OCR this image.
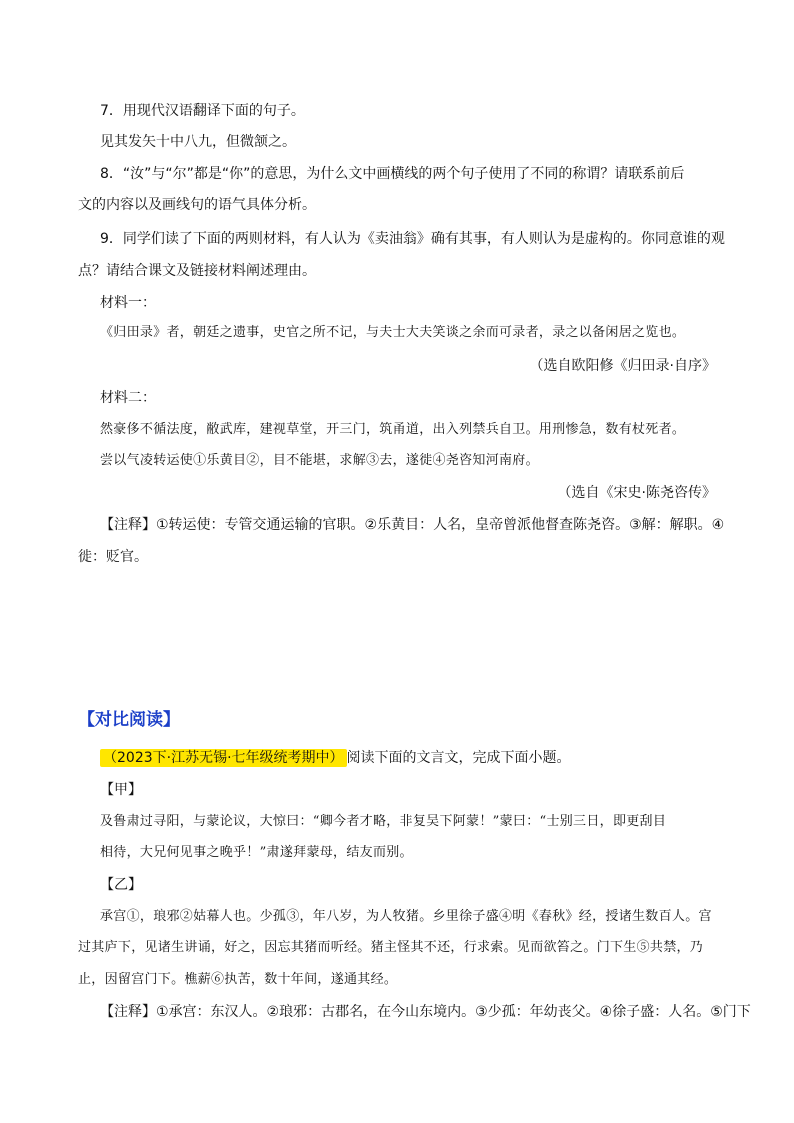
7．用现代汉语翻译下面的句子。
见其发矢十中八九，但微颔之。
8．“汝”与“尔”都是“你”的意思，为什么文中画横线的两个句子使用了不同的称谓？请联系前后
文的内容以及画线句的语气具体分析。
9．同学们读了下面的两则材料，有人认为《卖油翁》确有其事，有人则认为是虚构的。你同意谁的观
点？请结合课文及链接材料阐述理由。
材料一：
《归田录》者，朝廷之遗事，史官之所不记，与夫士大夫笑谈之余而可录者，录之以备闲居之览也。
（选自欧阳修《归田录·自序》
材料二：
然豪侈不循法度，敝武库，建视草堂，开三门，筑甬道，出入列禁兵自卫。用刑惨急，数有杖死者。
尝以气凌转运使①乐黄目②，目不能堪，求解③去，遂徙④尧咨知河南府。
（选自《宋史·陈尧咨传》
【注释】①转运使：专管交通运输的官职。②乐黄目：人名，皇帝曾派他督查陈尧咨。③解：解职。④
徙：贬官。
【对比阅读】
（2023下·江苏无锡·七年级统考期中） 阅读下面的文言文，完成下面小题。
【甲】
及鲁肃过寻阳，与蒙论议，大惊曰：“卿今者才略，非复吴下阿蒙！”蒙曰：“士别三日，即更刮目
相待，大兄何见事之晚乎！”肃遂拜蒙母，结友而别。
【乙】
承宫①，琅邪②姑幕人也。少孤③，年八岁，为人牧猪。乡里徐子盛④明《春秋》经，授诸生数百人。宫
过其庐下，见诸生讲诵，好之，因忘其猪而听经。猪主怪其不还，行求索。见而欲笞之。门下生⑤共禁，乃
止，因留宫门下。樵薪⑥执苦，数十年间，遂通其经。
【注释】①承宫：东汉人。②琅邪：古郡名，在今山东境内。③少孤：年幼丧父。④徐子盛：人名。⑤门下
